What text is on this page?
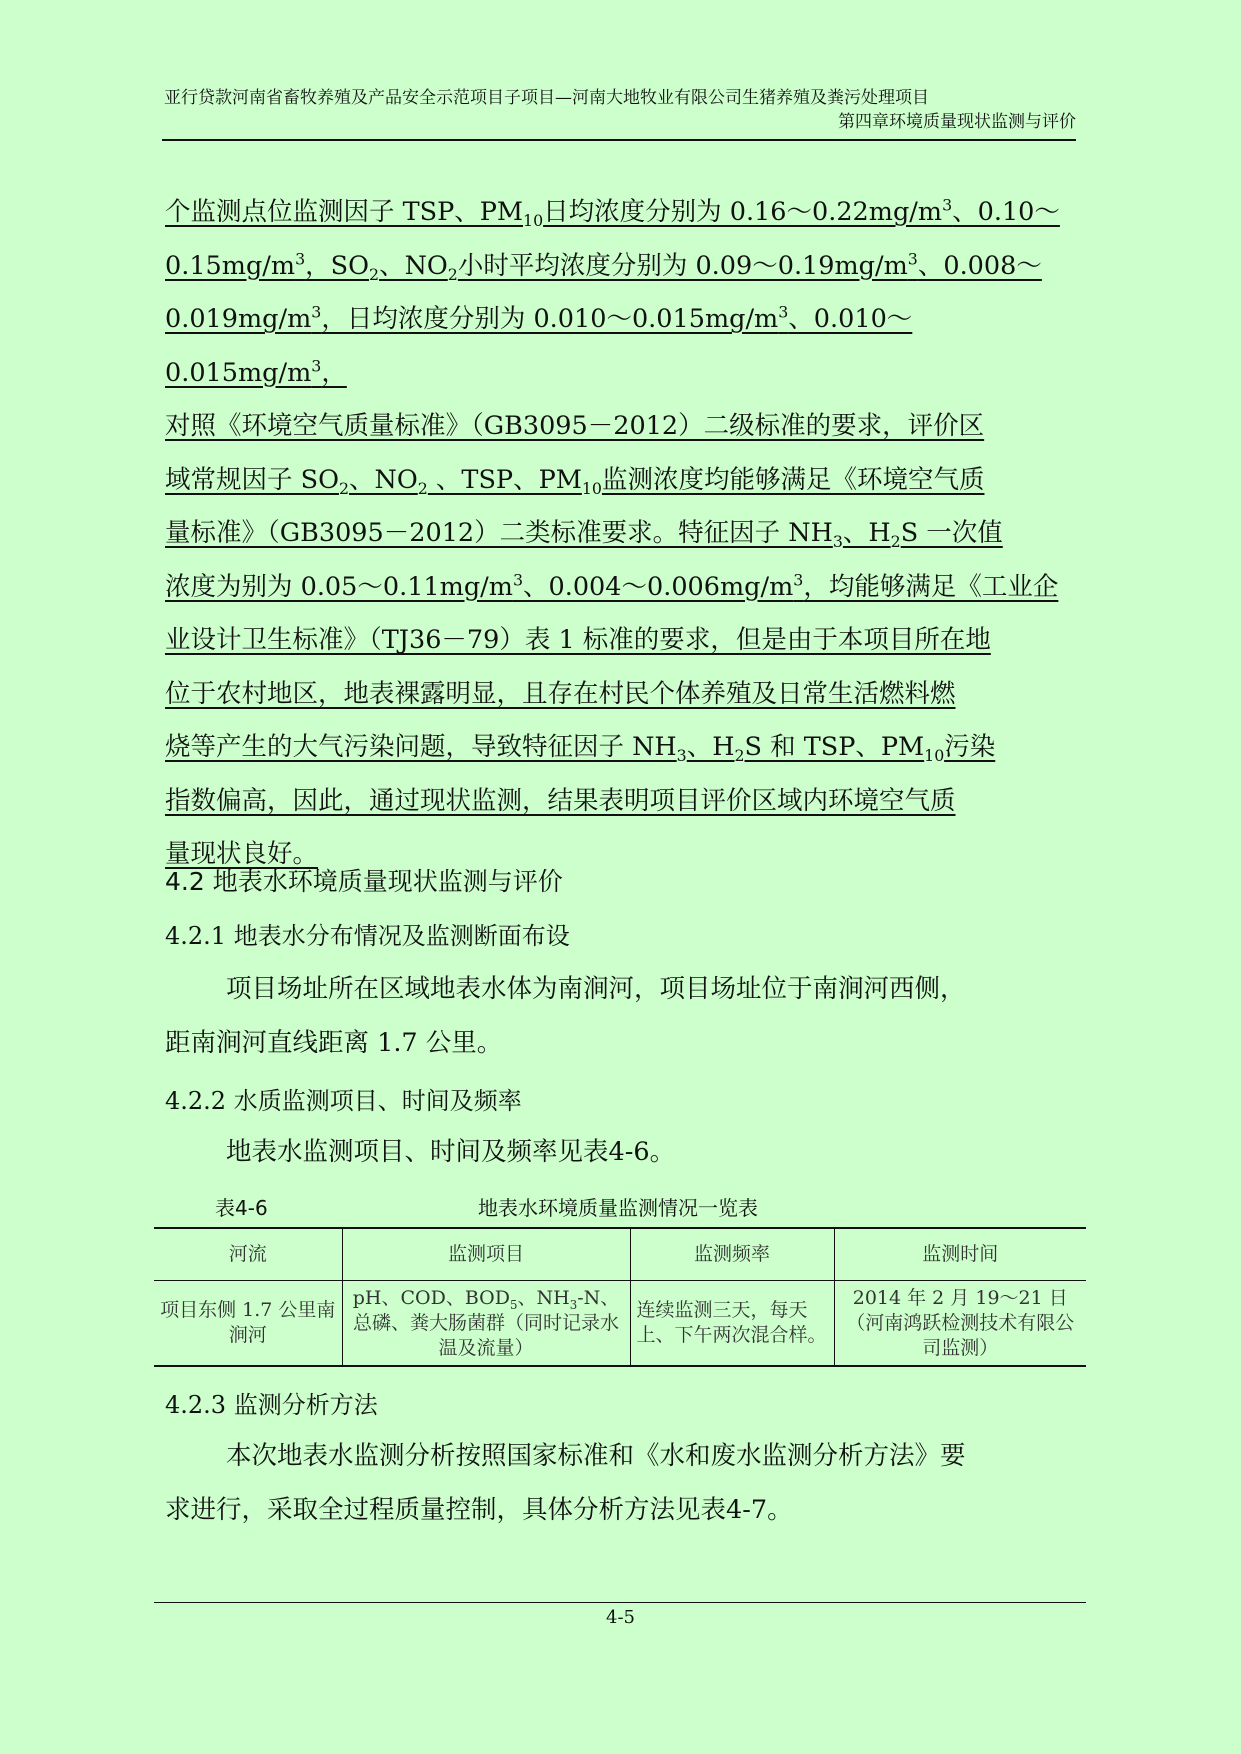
亚行贷款河南省畜牧养殖及产品安全示范项目子项目—河南大地牧业有限公司生猪养殖及粪污处理项目
第四章环境质量现状监测与评价

个监测点位监测因子 TSP、$PM_{10}$日均浓度分别为 $0.16\sim 0.22mg/m^3$、0.10～

$0.15mg/m^3$，$SO_2$、$NO_2$小时平均浓度分别为 $0.09\sim 0.19mg/m^3$、0.008～

$0.019mg/m^3$，日均浓度分别为 $0.010\sim 0.015mg/m^3$、$0.010\sim 0.015mg/m^3$，

对照《环境空气质量标准》（GB3095－2012）二级标准的要求，评价区

域常规因子 $SO_2$、$NO_2$ 、TSP、$PM_{10}$监测浓度均能够满足《环境空气质

量标准》（GB3095－2012）二类标准要求。特征因子 $NH_3$、$H_2S$ 一次值

浓度为别为 $0.05\sim 0.11mg/m^3$、$0.004\sim 0.006mg/m^3$，均能够满足《工业企

业设计卫生标准》（TJ36－79）表 1 标准的要求，但是由于本项目所在地

位于农村地区，地表裸露明显，且存在村民个体养殖及日常生活燃料燃

烧等产生的大气污染问题，导致特征因子 $NH_3$、$H_2S$ 和 TSP、$PM_{10}$污染

指数偏高，因此，通过现状监测，结果表明项目评价区域内环境空气质

量现状良好。

4.2 地表水环境质量现状监测与评价
4.2.1 地表水分布情况及监测断面布设

项目场址所在区域地表水体为南涧河，项目场址位于南涧河西侧，

距南涧河直线距离 1.7 公里。

4.2.2 水质监测项目、时间及频率

地表水监测项目、时间及频率见表4-6。

表4-6	地表水环境质量监测情况一览表
河流	监测项目	监测频率	监测时间
项目东侧 1.7 公里南涧河	pH、COD、$BOD_5$、$NH_3-N$、总磷、粪大肠菌群（同时记录水温及流量）	连续监测三天，每天上、下午两次混合样。	2014 年 2 月 19～21 日
（河南鸿跃检测技术有限公司监测）
4.2.3 监测分析方法

本次地表水监测分析按照国家标准和《水和废水监测分析方法》要

求进行，采取全过程质量控制，具体分析方法见表4-7。

4-5
